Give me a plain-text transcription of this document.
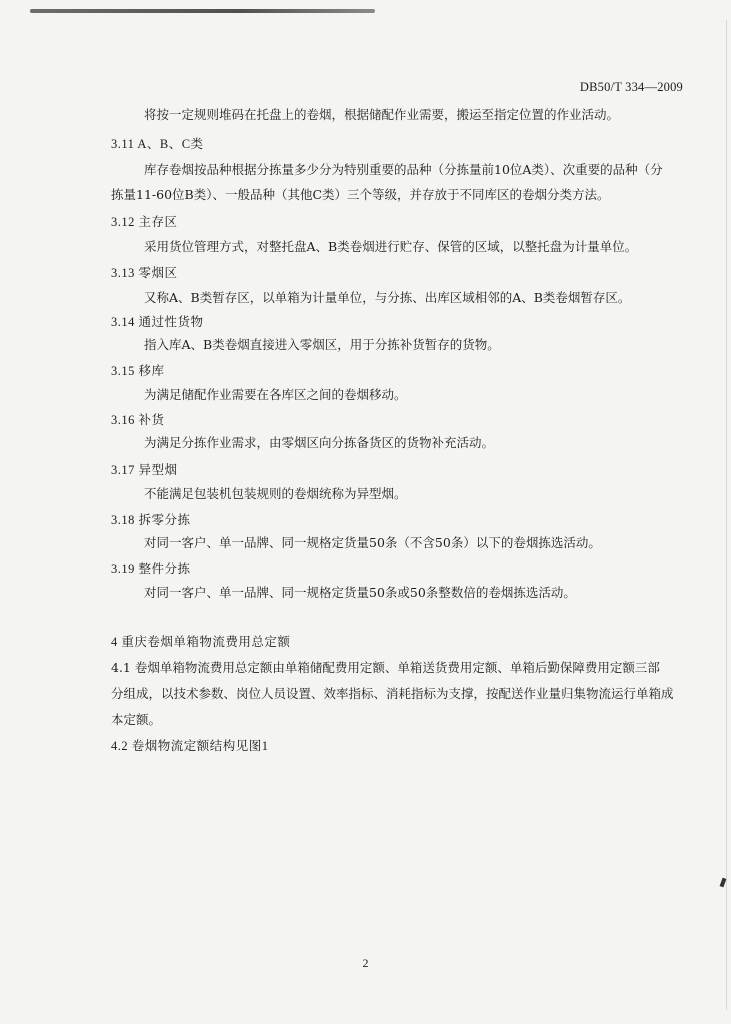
DB50/T 334—2009
将按一定规则堆码在托盘上的卷烟，根据储配作业需要，搬运至指定位置的作业活动。
3.11 A、B、C类
库存卷烟按品种根据分拣量多少分为特别重要的品种（分拣量前10位A类）、次重要的品种（分
拣量11-60位B类）、一般品种（其他C类）三个等级，并存放于不同库区的卷烟分类方法。
3.12 主存区
采用货位管理方式，对整托盘A、B类卷烟进行贮存、保管的区域，以整托盘为计量单位。
3.13 零烟区
又称A、B类暂存区，以单箱为计量单位，与分拣、出库区域相邻的A、B类卷烟暂存区。
3.14 通过性货物
指入库A、B类卷烟直接进入零烟区，用于分拣补货暂存的货物。
3.15 移库
为满足储配作业需要在各库区之间的卷烟移动。
3.16 补货
为满足分拣作业需求，由零烟区向分拣备货区的货物补充活动。
3.17 异型烟
不能满足包装机包装规则的卷烟统称为异型烟。
3.18 拆零分拣
对同一客户、单一品牌、同一规格定货量50条（不含50条）以下的卷烟拣选活动。
3.19 整件分拣
对同一客户、单一品牌、同一规格定货量50条或50条整数倍的卷烟拣选活动。
4 重庆卷烟单箱物流费用总定额
4.1 卷烟单箱物流费用总定额由单箱储配费用定额、单箱送货费用定额、单箱后勤保障费用定额三部
分组成，以技术参数、岗位人员设置、效率指标、消耗指标为支撑，按配送作业量归集物流运行单箱成
本定额。
4.2 卷烟物流定额结构见图1
2
